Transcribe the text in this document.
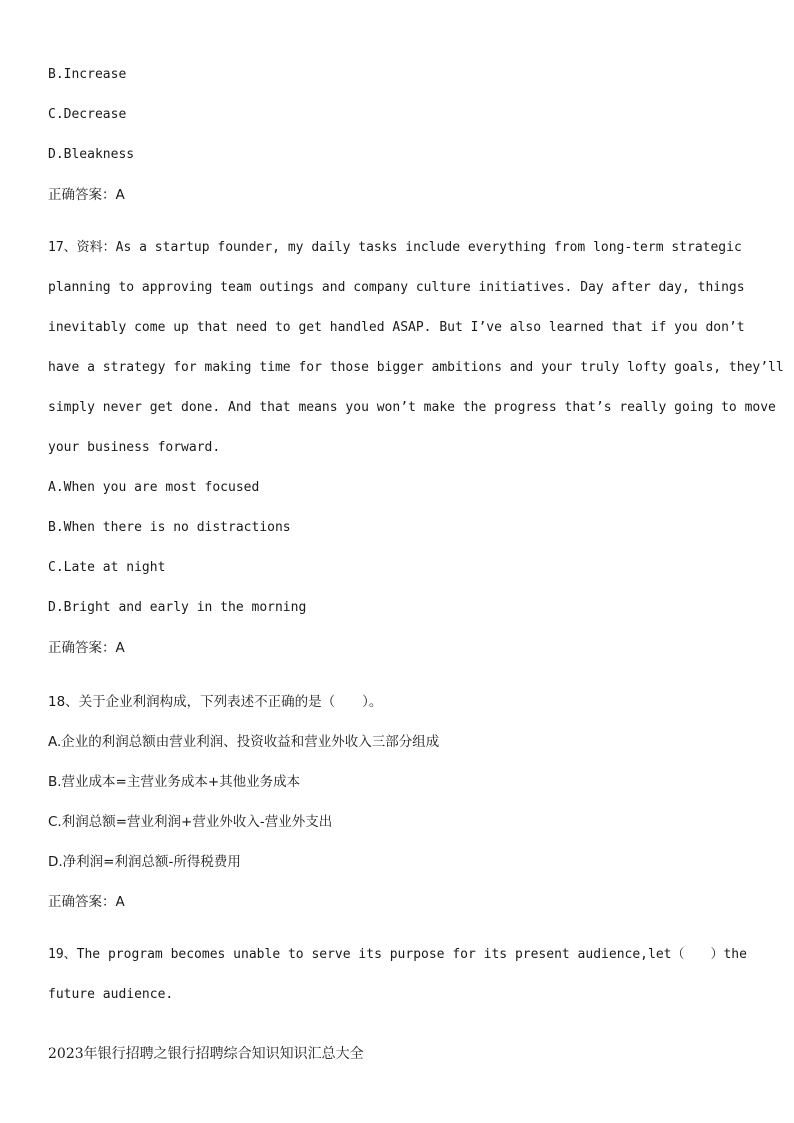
B.Increase
C.Decrease
D.Bleakness
正确答案：A
17、资料：As a startup founder, my daily tasks include everything from long-term strategic
planning to approving team outings and company culture initiatives. Day after day, things
inevitably come up that need to get handled ASAP. But I’ve also learned that if you don’t
have a strategy for making time for those bigger ambitions and your truly lofty goals, they’ll
simply never get done. And that means you won’t make the progress that’s really going to move
your business forward.
A.When you are most focused
B.When there is no distractions
C.Late at night
D.Bright and early in the morning
正确答案：A
18、关于企业利润构成，下列表述不正确的是（　　）。
A.企业的利润总额由营业利润、投资收益和营业外收入三部分组成
B.营业成本=主营业务成本+其他业务成本
C.利润总额=营业利润+营业外收入-营业外支出
D.净利润=利润总额-所得税费用
正确答案：A
19、The program becomes unable to serve its purpose for its present audience,let（　　）the
future audience.
2023年银行招聘之银行招聘综合知识知识汇总大全
